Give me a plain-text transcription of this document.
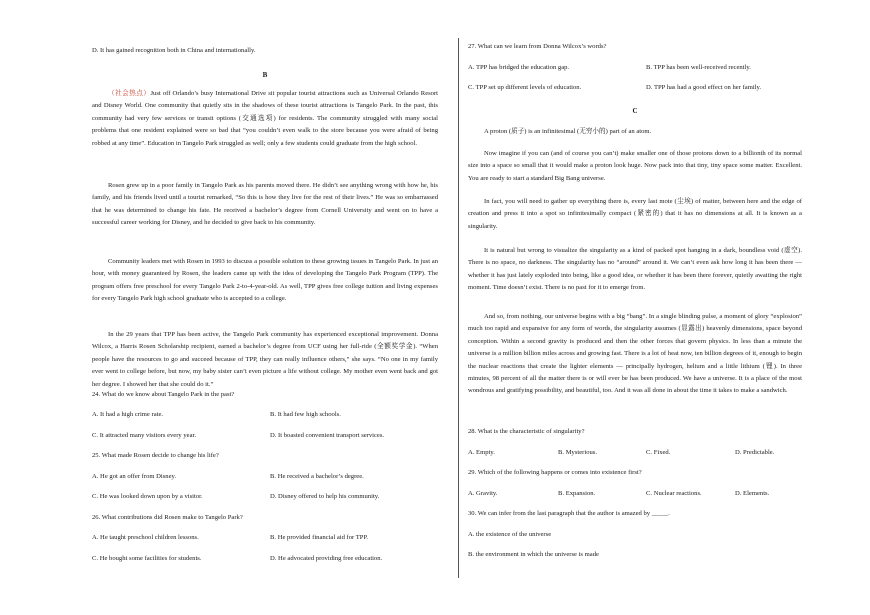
D. It has gained recognition both in China and internationally.

B

（社会热点）Just off Orlando’s busy International Drive sit popular tourist attractions such as Universal Orlando Resort and Disney World. One community that quietly sits in the shadows of these tourist attractions is Tangelo Park. In the past, this community had very few services or transit options (交通选项) for residents. The community struggled with many social problems that one resident explained were so bad that “you couldn’t even walk to the store because you were afraid of being robbed at any time”. Education in Tangelo Park struggled as well; only a few students could graduate from the high school.

Rosen grew up in a poor family in Tangelo Park as his parents moved there. He didn’t see anything wrong with how he, his family, and his friends lived until a tourist remarked, “So this is how they live for the rest of their lives.” He was so embarrassed that he was determined to change his fate. He received a bachelor’s degree from Cornell University and went on to have a successful career working for Disney, and he decided to give back to his community.

Community leaders met with Rosen in 1993 to discuss a possible solution to these growing issues in Tangelo Park. In just an hour, with money guaranteed by Rosen, the leaders came up with the idea of developing the Tangelo Park Program (TPP). The program offers free preschool for every Tangelo Park 2-to-4-year-old. As well, TPP gives free college tuition and living expenses for every Tangelo Park high school graduate who is accepted to a college.

In the 29 years that TPP has been active, the Tangelo Park community has experienced exceptional improvement. Donna Wilcox, a Harris Rosen Scholarship recipient, earned a bachelor’s degree from UCF using her full-ride (全额奖学金). “When people have the resources to go and succeed because of TPP, they can really influence others,” she says. “No one in my family ever went to college before, but now, my baby sister can’t even picture a life without college. My mother even went back and got her degree. I showed her that she could do it.”

24. What do we know about Tangelo Park in the past?

A. It had a high crime rate.	B. It had few high schools.
C. It attracted many visitors every year.	D. It boasted convenient transport services.

25. What made Rosen decide to change his life?

A. He got an offer from Disney.	B. He received a bachelor’s degree.
C. He was looked down upon by a visitor.	D. Disney offered to help his community.

26. What contributions did Rosen make to Tangelo Park?

A. He taught preschool children lessons.	B. He provided financial aid for TPP.
C. He bought some facilities for students.	D. He advocated providing free education.

27. What can we learn from Donna Wilcox’s words?

A. TPP has bridged the education gap.	B. TPP has been well-received recently.
C. TPP set up different levels of education.	D. TPP has had a good effect on her family.

C

A proton (质子) is an infinitesimal (无穷小的) part of an atom.

Now imagine if you can (and of course you can’t) make smaller one of those protons down to a billionth of its normal size into a space so small that it would make a proton look huge. Now pack into that tiny, tiny space some matter. Excellent. You are ready to start a standard Big Bang universe.

In fact, you will need to gather up everything there is, every last mote (尘埃) of matter, between here and the edge of creation and press it into a spot so infinitesimally compact (紧密的) that it has no dimensions at all. It is known as a singularity.

It is natural but wrong to visualize the singularity as a kind of packed spot hanging in a dark, boundless void (虚空). There is no space, no darkness. The singularity has no “around” around it. We can’t even ask how long it has been there — whether it has just lately exploded into being, like a good idea, or whether it has been there forever, quietly awaiting the right moment. Time doesn’t exist. There is no past for it to emerge from.

And so, from nothing, our universe begins with a big “bang”. In a single blinding pulse, a moment of glory “explosion” much too rapid and expansive for any form of words, the singularity assumes (显露出) heavenly dimensions, space beyond conception. Within a second gravity is produced and then the other forces that govern physics. In less than a minute the universe is a million billion miles across and growing fast. There is a lot of heat now, ten billion degrees of it, enough to begin the nuclear reactions that create the lighter elements — principally hydrogen, helium and a little lithium (锂). In three minutes, 98 percent of all the matter there is or will ever be has been produced. We have a universe. It is a place of the most wondrous and gratifying possibility, and beautiful, too. And it was all done in about the time it takes to make a sandwich.

28. What is the characteristic of singularity?

A. Empty.	B. Mysterious.	C. Fixed.	D. Predictable.

29. Which of the following happens or comes into existence first?

A. Gravity.	B. Expansion.	C. Nuclear reactions.	D. Elements.

30. We can infer from the last paragraph that the author is amazed by _____.

A. the existence of the universe

B. the environment in which the universe is made
